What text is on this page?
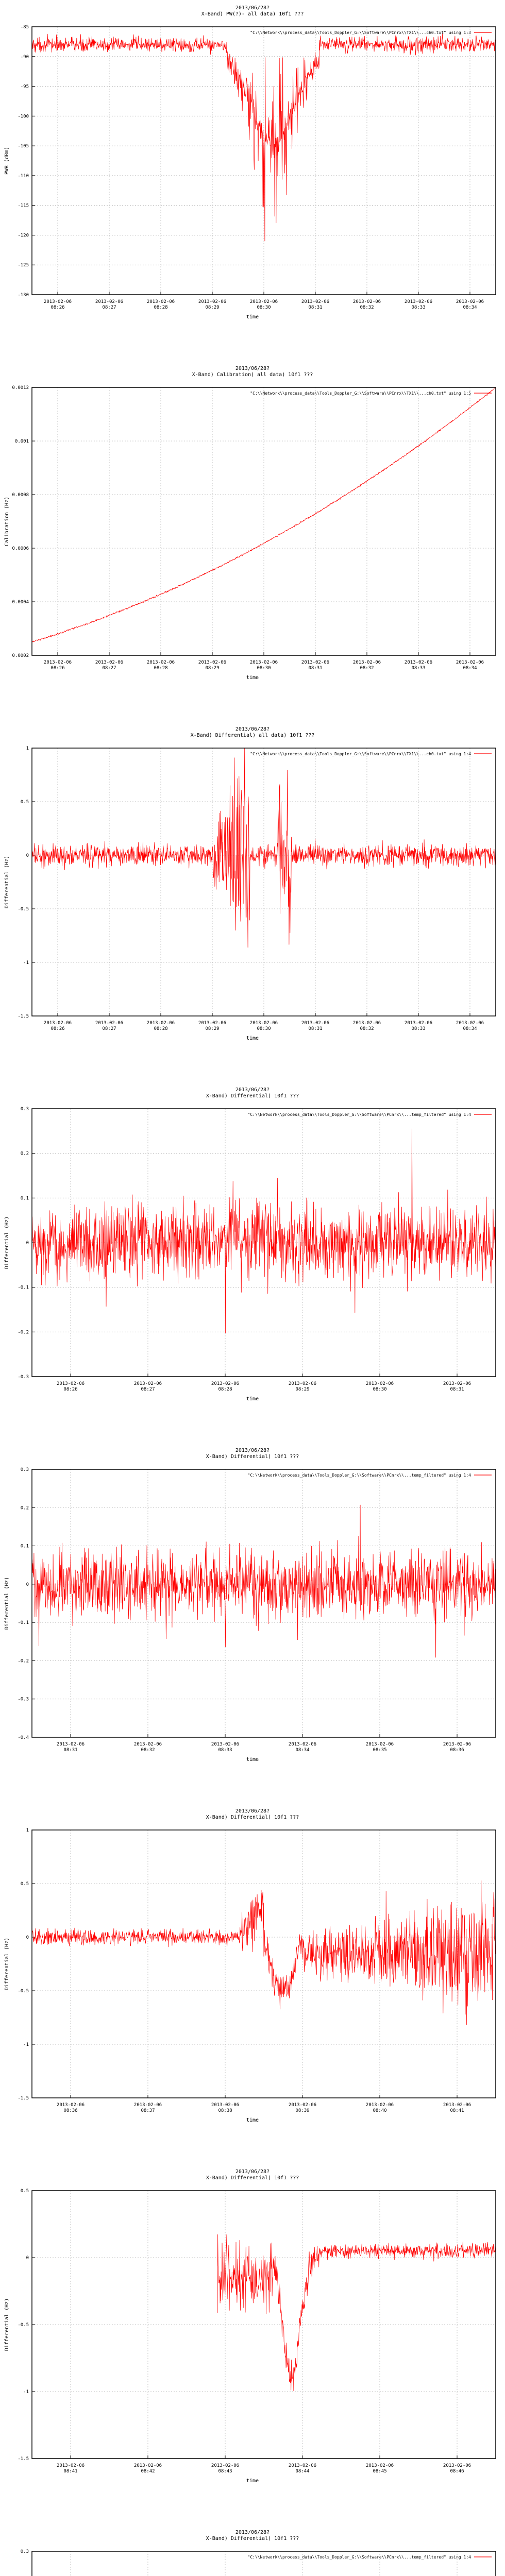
2013/06/28?
X-Band) PW(?)- all data) 10f1 ???
"C:\\Network\\process_data\\Tools_Doppler_G:\\Software\\PCnrx\\TX1\\...ch0.txt" using 1:3
-85
-90
-95
-100
-105
-110
-115
-120
-125
-130
2013-02-06 08:26
2013-02-06 08:27
2013-02-06 08:28
2013-02-06 08:29
2013-02-06 08:30
2013-02-06 08:31
2013-02-06 08:32
2013-02-06 08:33
2013-02-06 08:34
time
PWR (dBm)
2013/06/28?
X-Band) Calibration) all data) 10f1 ???
"C:\\Network\\process_data\\Tools_Doppler_G:\\Software\\PCnrx\\TX1\\...ch0.txt" using 1:5
0.0012
0.001
0.0008
0.0006
0.0004
0.0002
2013-02-06 08:26
2013-02-06 08:27
2013-02-06 08:28
2013-02-06 08:29
2013-02-06 08:30
2013-02-06 08:31
2013-02-06 08:32
2013-02-06 08:33
2013-02-06 08:34
time
Calibration (Hz)
2013/06/28?
X-Band) Differential) all data) 10f1 ???
"C:\\Network\\process_data\\Tools_Doppler_G:\\Software\\PCnrx\\TX1\\...ch0.txt" using 1:4
1
0.5
0
-0.5
-1
-1.5
2013-02-06 08:26
2013-02-06 08:27
2013-02-06 08:28
2013-02-06 08:29
2013-02-06 08:30
2013-02-06 08:31
2013-02-06 08:32
2013-02-06 08:33
2013-02-06 08:34
time
Differential (Hz)
2013/06/28?
X-Band) Differential) 10f1 ???
"C:\\Network\\process_data\\Tools_Doppler_G:\\Software\\PCnrx\\...temp_filtered" using 1:4
0.3
0.2
0.1
0
-0.1
-0.2
-0.3
2013-02-06 08:26
2013-02-06 08:27
2013-02-06 08:28
2013-02-06 08:29
2013-02-06 08:30
2013-02-06 08:31
time
Differential (Hz)
2013/06/28?
X-Band) Differential) 10f1 ???
"C:\\Network\\process_data\\Tools_Doppler_G:\\Software\\PCnrx\\...temp_filtered" using 1:4
0.3
0.2
0.1
0
-0.1
-0.2
-0.3
-0.4
2013-02-06 08:31
2013-02-06 08:32
2013-02-06 08:33
2013-02-06 08:34
2013-02-06 08:35
2013-02-06 08:36
time
Differential (Hz)
2013/06/28?
X-Band) Differential) 10f1 ???
1
0.5
0
-0.5
-1
-1.5
2013-02-06 08:36
2013-02-06 08:37
2013-02-06 08:38
2013-02-06 08:39
2013-02-06 08:40
2013-02-06 08:41
time
Differential (Hz)
2013/06/28?
X-Band) Differential) 10f1 ???
0.5
0
-0.5
-1
-1.5
2013-02-06 08:41
2013-02-06 08:42
2013-02-06 08:43
2013-02-06 08:44
2013-02-06 08:45
2013-02-06 08:46
time
Differential (Hz)
2013/06/28?
X-Band) Differential) 10f1 ???
"C:\\Network\\process_data\\Tools_Doppler_G:\\Software\\PCnrx\\...temp_filtered" using 1:4
0.3
